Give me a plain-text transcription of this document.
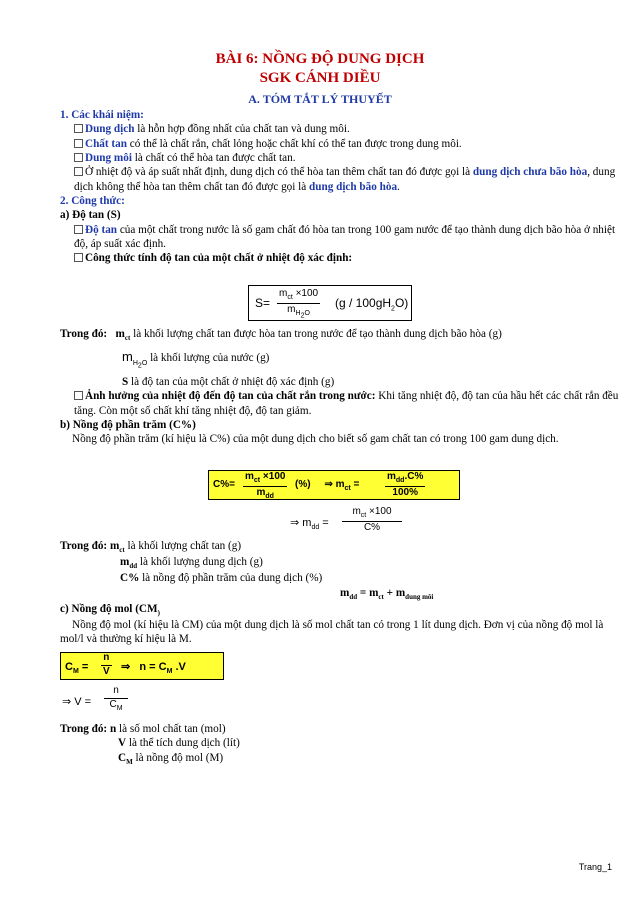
BÀI 6: NỒNG ĐỘ DUNG DỊCH
SGK CÁNH DIỀU
A. TÓM TẮT LÝ THUYẾT
1. Các khái niệm:
Dung dịch là hỗn hợp đồng nhất của chất tan và dung môi.
Chất tan có thể là chất rắn, chất lỏng hoặc chất khí có thể tan được trong dung môi.
Dung môi là chất có thể hòa tan được chất tan.
Ở nhiệt độ và áp suất nhất định, dung dịch có thể hòa tan thêm chất tan đó được gọi là dung dịch chưa bão hòa, dung dịch không thể hòa tan thêm chất tan đó được gọi là dung dịch bão hòa.
2. Công thức:
a) Độ tan (S)
Độ tan của một chất trong nước là số gam chất đó hòa tan trong 100 gam nước để tạo thành dung dịch bão hòa ở nhiệt độ, áp suất xác định.
Công thức tính độ tan của một chất ở nhiệt độ xác định:
S=
$m_{ct} \times 100$
$m_{H_2O}$
$(g / 100gH_2O)$
Trong đó: $m_{ct}$ là khối lượng chất tan được hòa tan trong nước để tạo thành dung dịch bão hòa (g)
$m_{H_2O}$ là khối lượng của nước (g)
S là độ tan của một chất ở nhiệt độ xác định (g)
Ảnh hưởng của nhiệt độ đến độ tan của chất rắn trong nước: Khi tăng nhiệt độ, độ tan của hầu hết các chất rắn đều tăng. Còn một số chất khí tăng nhiệt độ, độ tan giảm.
b) Nồng độ phần trăm (C%)
Nồng độ phần trăm (kí hiệu là C%) của một dung dịch cho biết số gam chất tan có trong 100 gam dung dịch.
C%=
$m_{ct} \times 100$
$m_{dd}$
(%)     ⇒ $m_{ct}$ =
$m_{dd}.C\%$
100%
⇒ $m_{dd}$ =
$m_{ct} \times 100$
C%
Trong đó: $m_{ct}$ là khối lượng chất tan (g)
$m_{dd}$ là khối lượng dung dịch (g)
C% là nồng độ phần trăm của dung dịch (%)
$m_{dd} = m_{ct} + m_{dung môi}$
c) Nồng độ mol ($CM_)$
Nồng độ mol (kí hiệu là CM) của một dung dịch là số mol chất tan có trong 1 lít dung dịch. Đơn vị của nồng độ mol là mol/l và thường kí hiệu là M.
$C_M = \frac{n}{V}$ ⇒   $n = C_M$ .V
⇒ $V = \frac{n}{C_M}$
Trong đó: n là số mol chất tan (mol)
V là thể tích dung dịch (lít)
$C_M$ là nồng độ mol (M)
Trang_1
